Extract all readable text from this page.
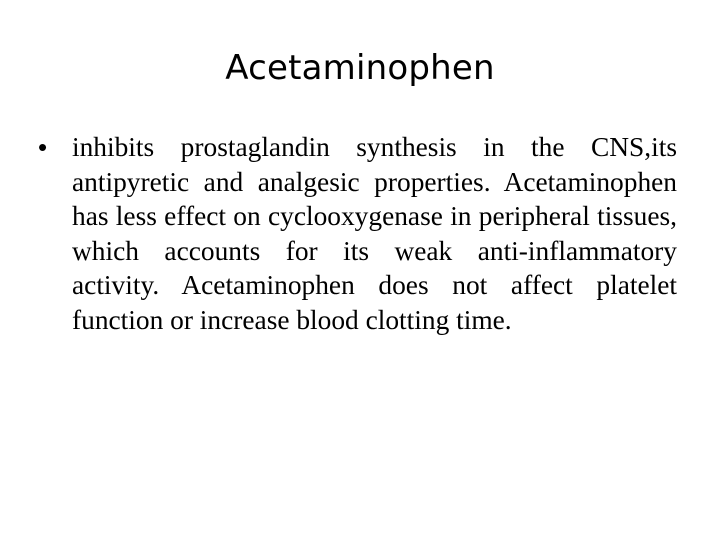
Acetaminophen
• inhibits prostaglandin synthesis in the CNS,its antipyretic and analgesic properties. Acetaminophen has less effect on cyclooxygenase in peripheral tissues, which accounts for its weak anti-inflammatory activity. Acetaminophen does not affect platelet function or increase blood clotting time.
